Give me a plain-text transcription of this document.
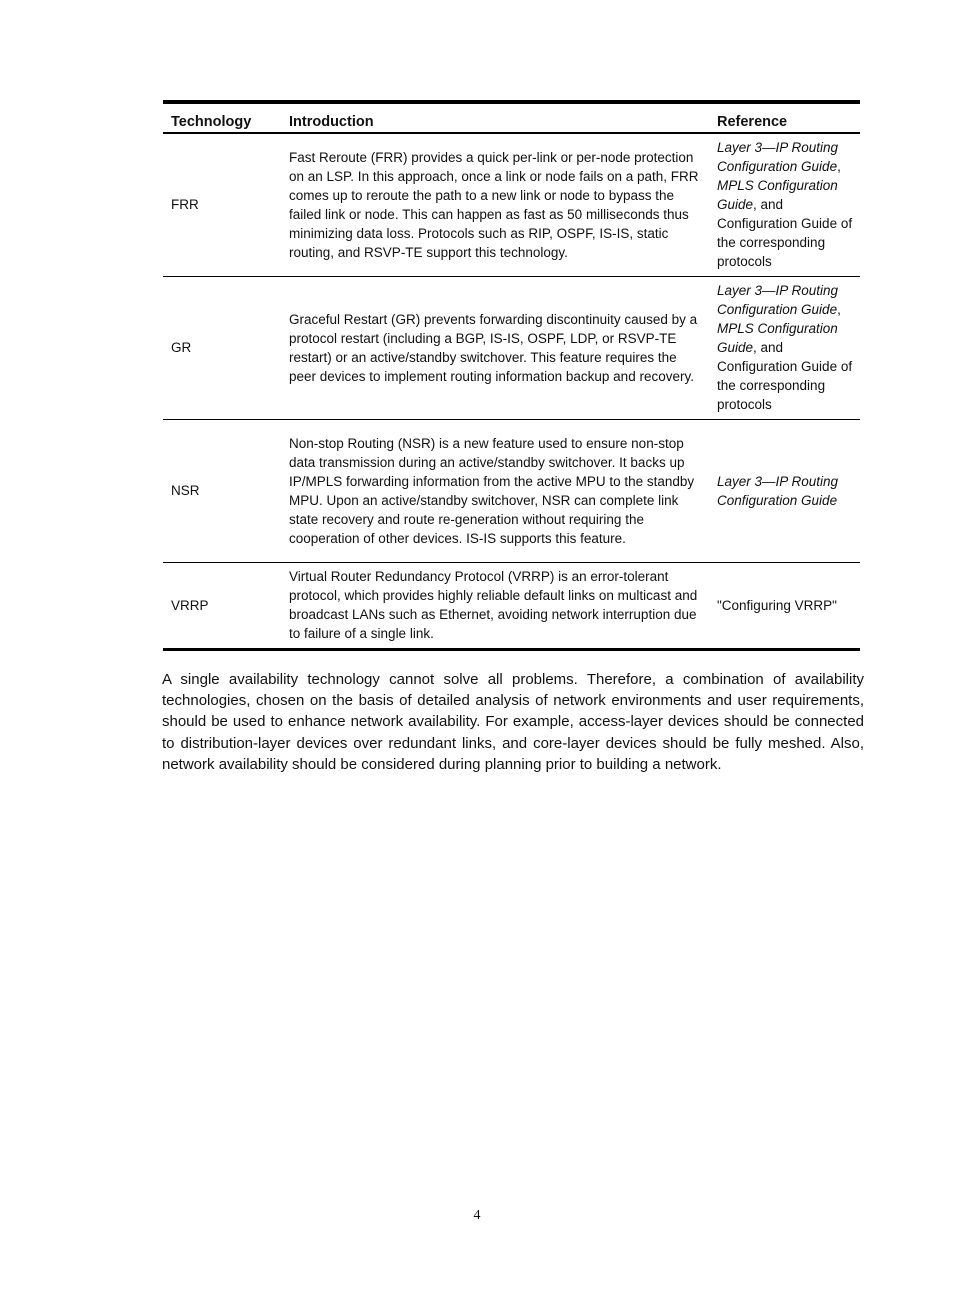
Technology	Introduction	Reference
FRR	Fast Reroute (FRR) provides a quick per-link or per-node protection on an LSP. In this approach, once a link or node fails on a path, FRR comes up to reroute the path to a new link or node to bypass the failed link or node. This can happen as fast as 50 milliseconds thus minimizing data loss. Protocols such as RIP, OSPF, IS-IS, static routing, and RSVP-TE support this technology.	Layer 3—IP Routing Configuration Guide, MPLS Configuration Guide, and Configuration Guide of the corresponding protocols
GR	Graceful Restart (GR) prevents forwarding discontinuity caused by a protocol restart (including a BGP, IS-IS, OSPF, LDP, or RSVP-TE restart) or an active/standby switchover. This feature requires the peer devices to implement routing information backup and recovery.	Layer 3—IP Routing Configuration Guide, MPLS Configuration Guide, and Configuration Guide of the corresponding protocols
NSR	Non-stop Routing (NSR) is a new feature used to ensure non-stop data transmission during an active/standby switchover. It backs up IP/MPLS forwarding information from the active MPU to the standby MPU. Upon an active/standby switchover, NSR can complete link state recovery and route re-generation without requiring the cooperation of other devices. IS-IS supports this feature.	Layer 3—IP Routing Configuration Guide
VRRP	Virtual Router Redundancy Protocol (VRRP) is an error-tolerant protocol, which provides highly reliable default links on multicast and broadcast LANs such as Ethernet, avoiding network interruption due to failure of a single link.	"Configuring VRRP"

A single availability technology cannot solve all problems. Therefore, a combination of availability technologies, chosen on the basis of detailed analysis of network environments and user requirements, should be used to enhance network availability. For example, access-layer devices should be connected to distribution-layer devices over redundant links, and core-layer devices should be fully meshed. Also, network availability should be considered during planning prior to building a network.

4
